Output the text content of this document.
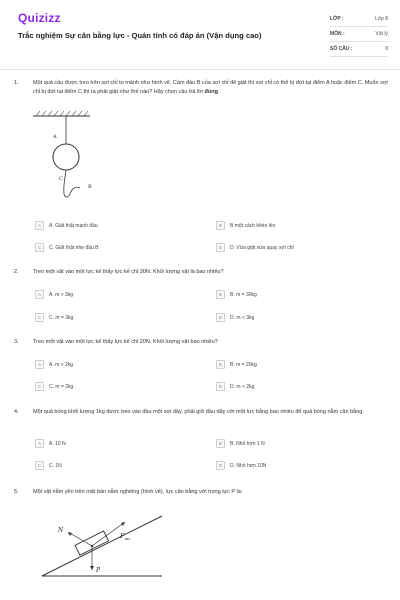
Quizizz
Trắc nghiệm Sự cân bằng lực - Quán tính có đáp án (Vận dụng cao)
LỚP :	Lớp 8
MÔN :	Vật lý
SỐ CÂU :	8
1.	Một quả cầu được treo trên sợi chỉ to mảnh như hình vẽ. Cầm đầu B của sợi chỉ để giật thì sợi chỉ có thể bị đứt tại điểm A hoặc điểm C. Muốn sợi chỉ bị đứt tại điểm C thì ta phải giật như thế nào? Hãy chọn câu trả lời đúng.
A
C
B
A	A. Giật thật mạnh đầu	B	B một cách khéo léo
C	C. Giật thật nhẹ đầu B	D	D. Vừa giật vừa quay sợi chỉ
2.	Treo một vật vào một lực kế thấy lực kế chỉ 30N. Khối lượng vật là bao nhiêu?
A	A. m > 3kg	B	B. m = 30kg
C	C. m = 3kg	D	D. m < 3kg
3.	Treo một vật vào một lực kế thấy lực kế chỉ 20N. Khối lượng vật bao nhiêu?
A	A. m > 2kg	B	B. m = 20kg
C	C. m = 2kg	D	D. m < 2kg
4.	Một quả bóng khối lượng 1kg được treo vào đầu một sợi dây, phải giữ đầu dây với một lực bằng bao nhiêu để quả bóng nằm cân bằng.
A	A. 10 N	B	B. Nhỏ hơn 1 N
C	C. 1N	D	D. Nhỏ hơn 10N
5.	Một vật nằm yên trên mặt bàn nằm nghiêng (hình vẽ), lực cân bằng với trọng lực P là:
N
F ms
P
